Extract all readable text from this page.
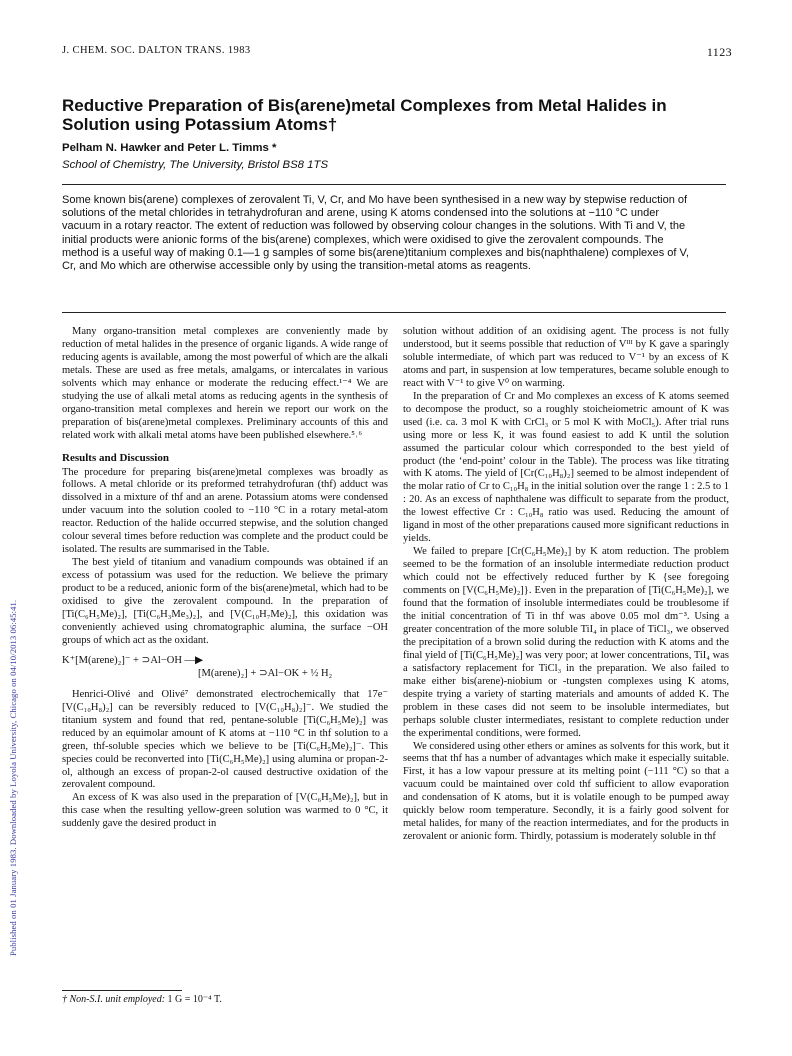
Published on 01 January 1983. Downloaded by Loyola University, Chicago on 04/10/2013 06:45:41.
J. CHEM. SOC. DALTON TRANS. 1983	1123
Reductive Preparation of Bis(arene)metal Complexes from Metal Halides in Solution using Potassium Atoms†
Pelham N. Hawker and Peter L. Timms *
School of Chemistry, The University, Bristol BS8 1TS

Some known bis(arene) complexes of zerovalent Ti, V, Cr, and Mo have been synthesised in a new way by stepwise reduction of solutions of the metal chlorides in tetrahydrofuran and arene, using K atoms condensed into the solutions at −110 °C under vacuum in a rotary reactor. The extent of reduction was followed by observing colour changes in the solutions. With Ti and V, the initial products were anionic forms of the bis(arene) complexes, which were oxidised to give the zerovalent compounds. The method is a useful way of making 0.1—1 g samples of some bis(arene)titanium complexes and bis(naphthalene) complexes of V, Cr, and Mo which are otherwise accessible only by using the transition-metal atoms as reagents.

Many organo-transition metal complexes are conveniently made by reduction of metal halides in the presence of organic ligands. A wide range of reducing agents is available, among the most powerful of which are the alkali metals. These are used as free metals, amalgams, or intercalates in various solvents which may enhance or moderate the reducing effect.¹⁻⁴ We are studying the use of alkali metal atoms as reducing agents in the synthesis of organo-transition metal complexes and herein we report our work on the preparation of bis(arene)metal complexes. Preliminary accounts of this and related work with alkali metal atoms have been published elsewhere.⁵˒⁶

Results and Discussion

The procedure for preparing bis(arene)metal complexes was broadly as follows. A metal chloride or its preformed tetrahydrofuran (thf) adduct was dissolved in a mixture of thf and an arene. Potassium atoms were condensed under vacuum into the solution cooled to −110 °C in a rotary metal-atom reactor. Reduction of the halide occurred stepwise, and the solution changed colour several times before reduction was complete and the product could be isolated. The results are summarised in the Table.

The best yield of titanium and vanadium compounds was obtained if an excess of potassium was used for the reduction. We believe the primary product to be a reduced, anionic form of the bis(arene)metal, which had to be oxidised to give the zerovalent compound. In the preparation of [Ti(C₆H₅Me)₂], [Ti(C₆H₃Me₃)₂], and [V(C₁₀H₇Me)₂], this oxidation was conveniently achieved using chromatographic alumina, the surface −OH groups of which act as the oxidant.

K⁺[M(arene)₂]⁻ + ⊃Al−OH —▶
[M(arene)₂] + ⊃Al−OK + ½ H₂

Henrici-Olivé and Olivé⁷ demonstrated electrochemically that 17e⁻ [V(C₁₀H₈)₂] can be reversibly reduced to [V(C₁₀H₈)₂]⁻. We studied the titanium system and found that red, pentane-soluble [Ti(C₆H₅Me)₂] was reduced by an equimolar amount of K atoms at −110 °C in thf solution to a green, thf-soluble species which we believe to be [Ti(C₆H₅Me)₂]⁻. This species could be reconverted into [Ti(C₆H₅Me)₂] using alumina or propan-2-ol, although an excess of propan-2-ol caused destructive oxidation of the zerovalent compound.

An excess of K was also used in the preparation of [V(C₆H₅Me)₂], but in this case when the resulting yellow-green solution was warmed to 0 °C, it suddenly gave the desired product in

solution without addition of an oxidising agent. The process is not fully understood, but it seems possible that reduction of Vᴵᴵᴵ by K gave a sparingly soluble intermediate, of which part was reduced to V⁻¹ by an excess of K atoms and part, in suspension at low temperatures, became soluble enough to react with V⁻¹ to give V⁰ on warming.

In the preparation of Cr and Mo complexes an excess of K atoms seemed to decompose the product, so a roughly stoicheiometric amount of K was used (i.e. ca. 3 mol K with CrCl₃ or 5 mol K with MoCl₅). After trial runs using more or less K, it was found easiest to add K until the solution assumed the particular colour which corresponded to the best yield of product (the ‘end-point’ colour in the Table). The process was like titrating with K atoms. The yield of [Cr(C₁₀H₈)₂] seemed to be almost independent of the molar ratio of Cr to C₁₀H₈ in the initial solution over the range 1 : 2.5 to 1 : 20. As an excess of naphthalene was difficult to separate from the product, the lowest effective Cr : C₁₀H₈ ratio was used. Reducing the amount of ligand in most of the other preparations caused more significant reductions in yields.

We failed to prepare [Cr(C₆H₅Me)₂] by K atom reduction. The problem seemed to be the formation of an insoluble intermediate reduction product which could not be effectively reduced further by K {see foregoing comments on [V(C₆H₅Me)₂]}. Even in the preparation of [Ti(C₆H₅Me)₂], we found that the formation of insoluble intermediates could be troublesome if the initial concentration of Ti in thf was above 0.05 mol dm⁻³. Using a greater concentration of the more soluble TiI₄ in place of TiCl₃, we observed the precipitation of a brown solid during the reduction with K atoms and the final yield of [Ti(C₆H₅Me)₂] was very poor; at lower concentrations, TiI₄ was a satisfactory replacement for TiCl₃ in the preparation. We also failed to make either bis(arene)-niobium or -tungsten complexes using K atoms, despite trying a variety of starting materials and amounts of added K. The problem in these cases did not seem to be insoluble intermediates, but perhaps soluble cluster intermediates, resistant to complete reduction under the experimental conditions, were formed.

We considered using other ethers or amines as solvents for this work, but it seems that thf has a number of advantages which make it especially suitable. First, it has a low vapour pressure at its melting point (−111 °C) so that a vacuum could be maintained over cold thf sufficient to allow evaporation and condensation of K atoms, but it is volatile enough to be pumped away quickly below room temperature. Secondly, it is a fairly good solvent for metal halides, for many of the reaction intermediates, and for the products in zerovalent or anionic form. Thirdly, potassium is moderately soluble in thf

† Non-S.I. unit employed: 1 G = 10⁻⁴ T.
